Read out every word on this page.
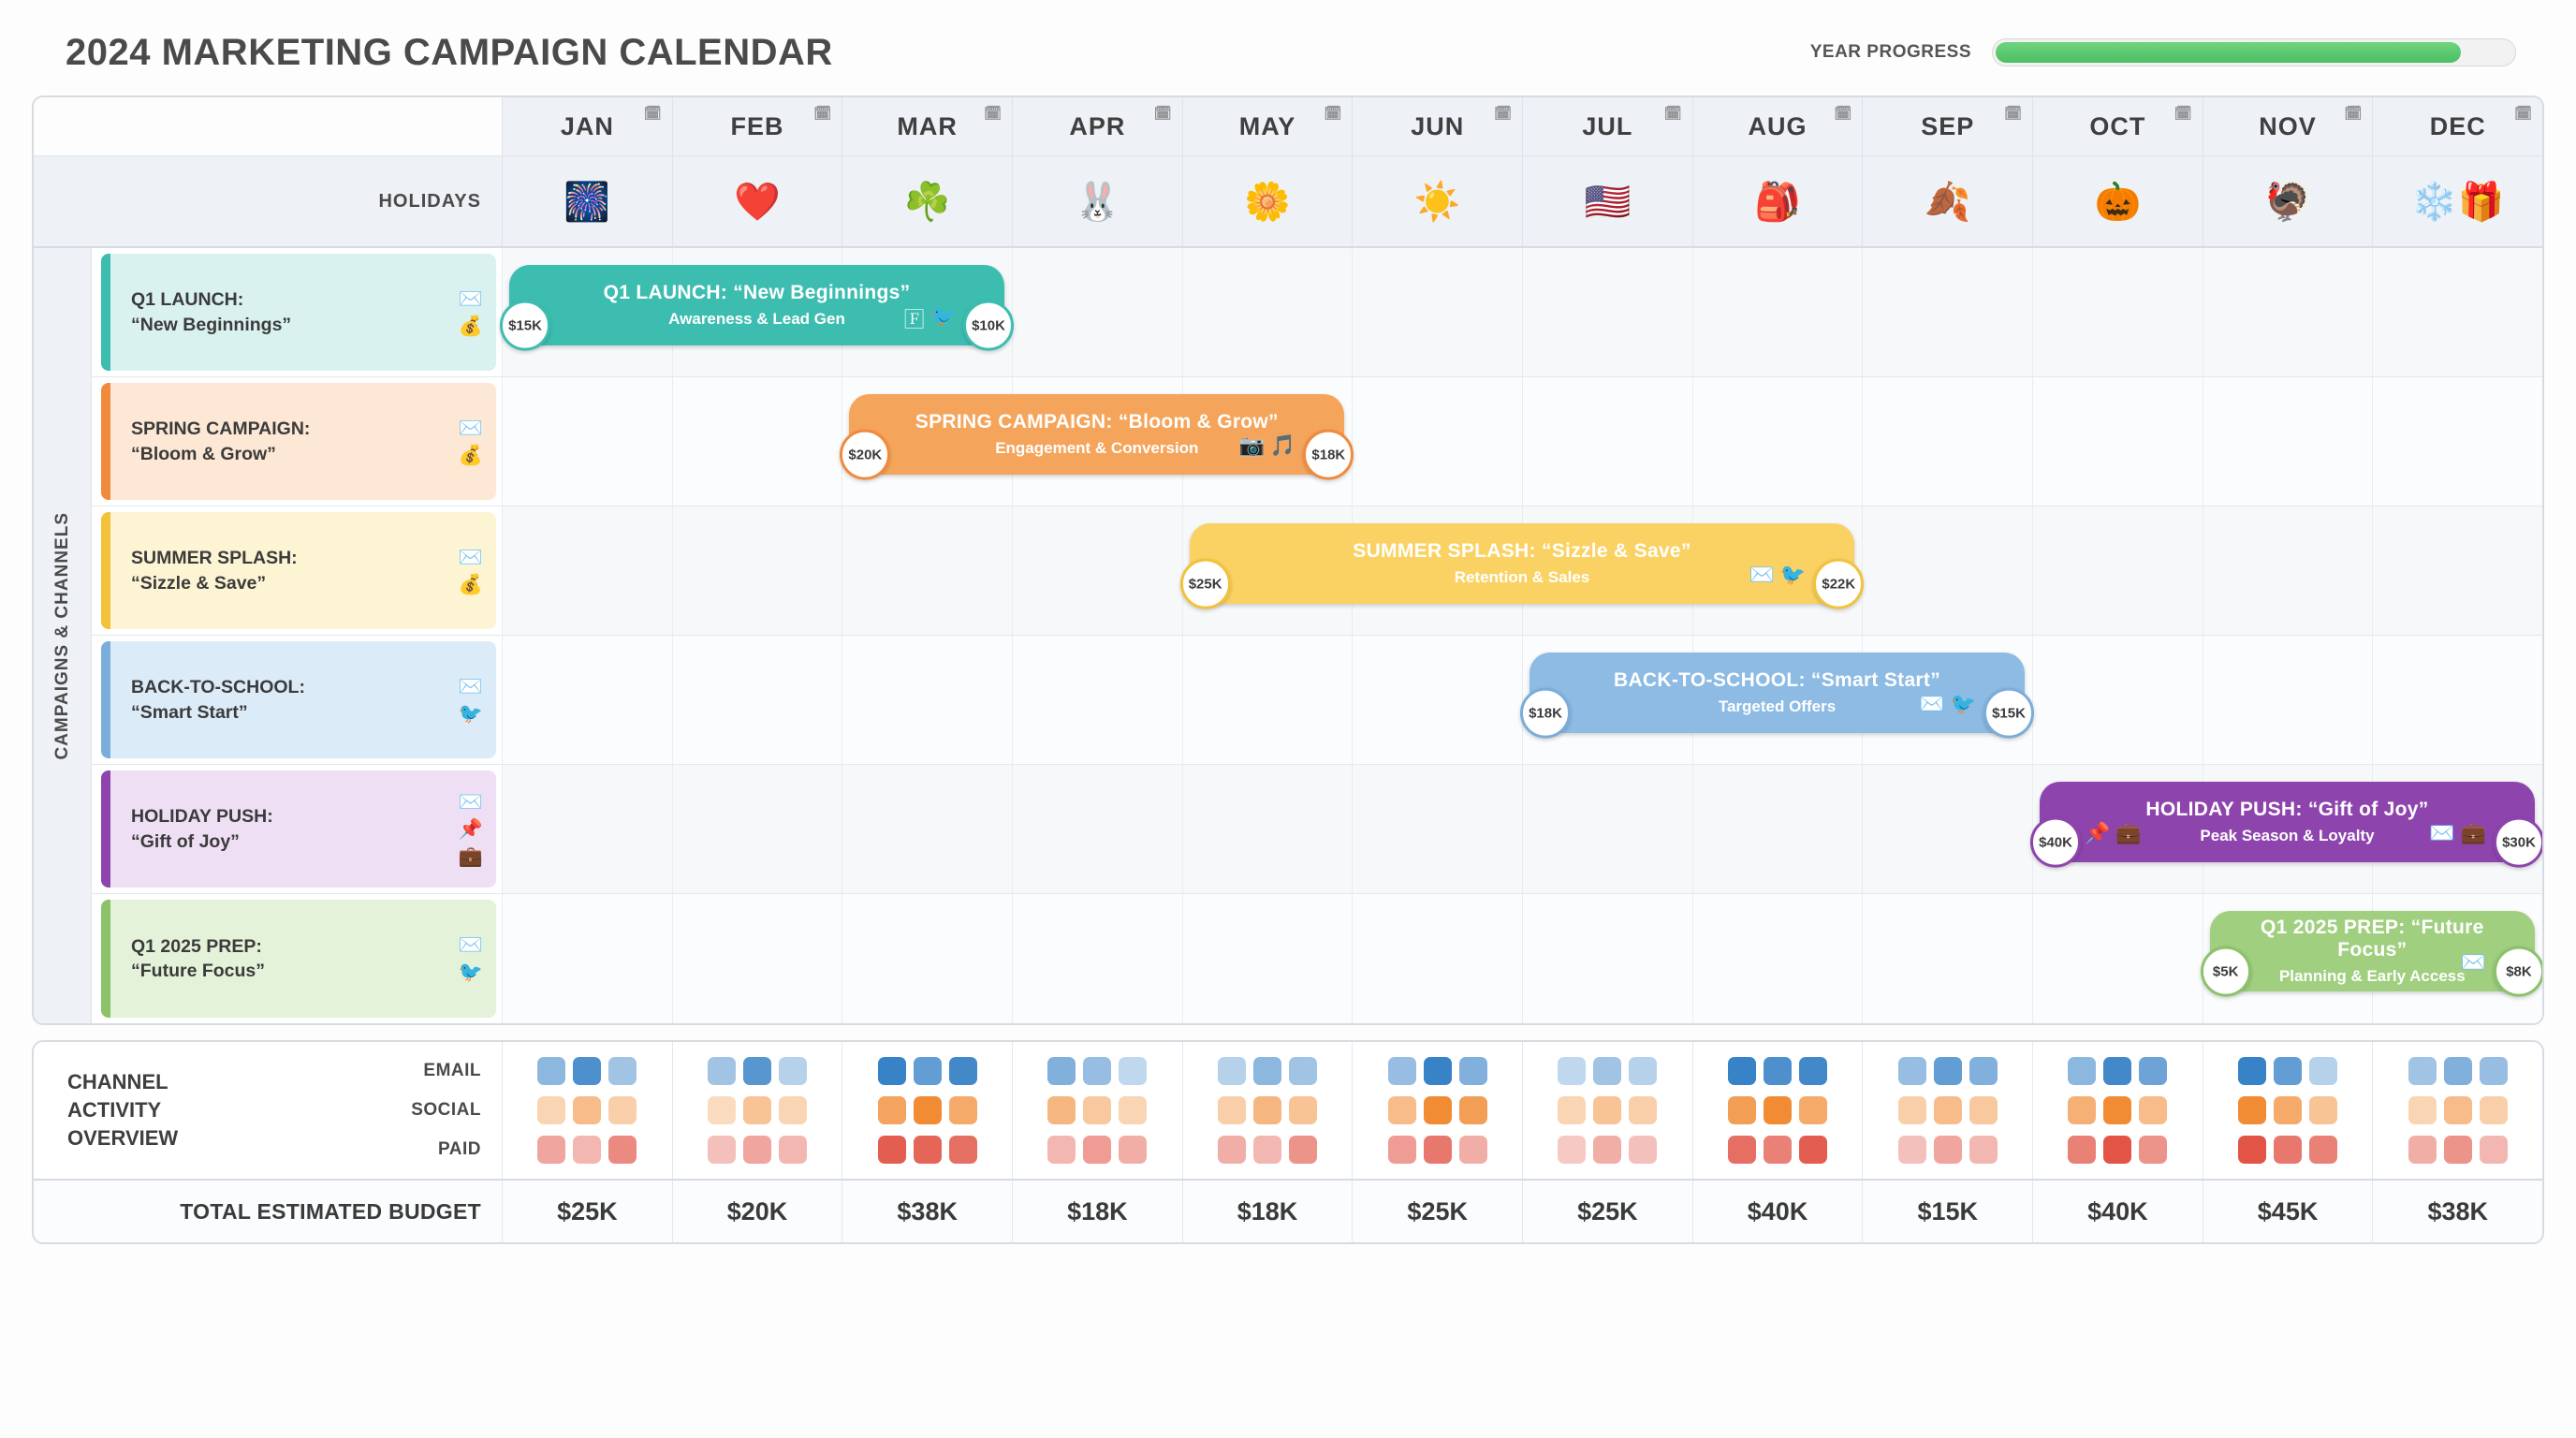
2024 MARKETING CAMPAIGN CALENDAR	YEAR PROGRESS
JAN 🗓	FEB 🗓	MAR 🗓	APR 🗓	MAY 🗓	JUN 🗓	JUL 🗓	AUG 🗓	SEP 🗓	OCT 🗓	NOV 🗓	DEC 🗓
HOLIDAYS	🎆	❤️	☘️	🐰	🌼	☀️	🇺🇸	🎒	🍂	🎃	🦃	❄️🎁
Q1 LAUNCH:
“New Beginnings”
✉️
💰
SPRING CAMPAIGN:
“Bloom & Grow”
✉️
💰
SUMMER SPLASH:
“Sizzle & Save”
✉️
💰
BACK-TO-SCHOOL:
“Smart Start”
✉️
🐦
HOLIDAY PUSH:
“Gift of Joy”
✉️
📌
💼
Q1 2025 PREP:
“Future Focus”
✉️
🐦
Q1 LAUNCH: “New Beginnings”
Awareness & Lead Gen
$15K	$10K
🄵 🐦
SPRING CAMPAIGN: “Bloom & Grow”
Engagement & Conversion
$20K	$18K
📷 🎵
SUMMER SPLASH: “Sizzle & Save”
Retention & Sales
$25K	$22K
✉️ 🐦
BACK-TO-SCHOOL: “Smart Start”
Targeted Offers
$18K	$15K
✉️ 🐦
HOLIDAY PUSH: “Gift of Joy”
Peak Season & Loyalty
$40K	$30K
📌 💼	✉️ 💼
Q1 2025 PREP: “Future Focus”
Planning & Early Access
$5K	$8K
✉️
CAMPAIGNS & CHANNELS
CHANNEL
ACTIVITY
OVERVIEW
EMAIL
SOCIAL
PAID
TOTAL ESTIMATED BUDGET	$25K	$20K	$38K	$18K	$18K	$25K	$25K	$40K	$15K	$40K	$45K	$38K
